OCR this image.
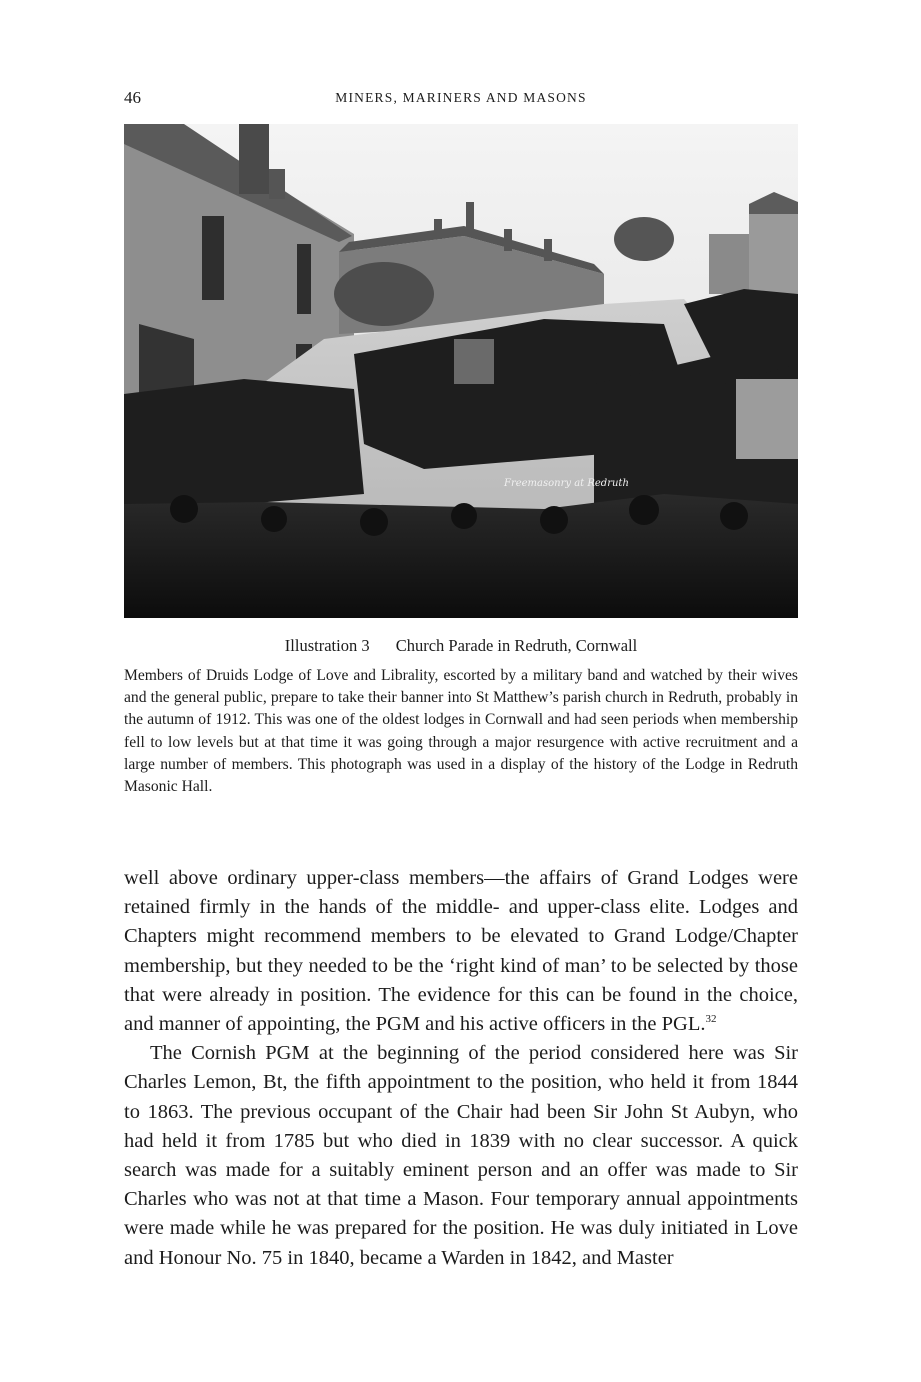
46	MINERS, MARINERS AND MASONS
Freemasonry at Redruth
Illustration 3 Church Parade in Redruth, Cornwall

Members of Druids Lodge of Love and Librality, escorted by a military band and watched by their wives and the general public, prepare to take their banner into St Matthew’s parish church in Redruth, probably in the autumn of 1912. This was one of the oldest lodges in Cornwall and had seen periods when membership fell to low levels but at that time it was going through a major resurgence with active recruitment and a large number of members. This photograph was used in a display of the history of the Lodge in Redruth Masonic Hall.

well above ordinary upper-class members—the affairs of Grand Lodges were retained firmly in the hands of the middle- and upper-class elite. Lodges and Chapters might recommend members to be elevated to Grand Lodge/Chapter membership, but they needed to be the ‘right kind of man’ to be selected by those that were already in position. The evidence for this can be found in the choice, and manner of appointing, the PGM and his active officers in the PGL.$^{32}$

The Cornish PGM at the beginning of the period considered here was Sir Charles Lemon, Bt, the fifth appointment to the position, who held it from 1844 to 1863. The previous occupant of the Chair had been Sir John St Aubyn, who had held it from 1785 but who died in 1839 with no clear successor. A quick search was made for a suitably eminent person and an offer was made to Sir Charles who was not at that time a Mason. Four temporary annual appointments were made while he was prepared for the position. He was duly initiated in Love and Honour No. 75 in 1840, became a Warden in 1842, and Master
